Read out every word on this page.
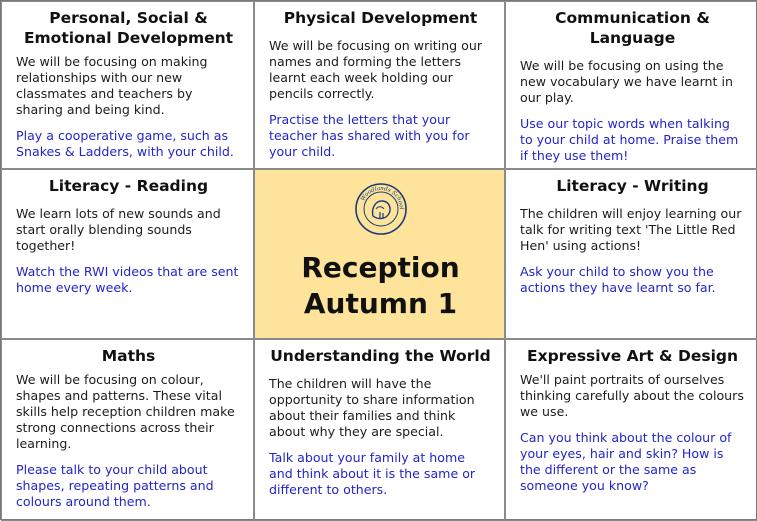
Personal, Social & Emotional Development
We will be focusing on making relationships with our new classmates and teachers by sharing and being kind.
Play a cooperative game, such as Snakes & Ladders, with your child.
Physical Development
We will be focusing on writing our names and forming the letters learnt each week holding our pencils correctly.
Practise the letters that your teacher has shared with you for your child.
Communication & Language
We will be focusing on using the new vocabulary we have learnt in our play.
Use our topic words when talking to your child at home. Praise them if they use them!
Literacy - Reading
We learn lots of new sounds and start orally blending sounds together!
Watch the RWI videos that are sent home every week.
Woodlands School
Reception
Autumn 1
Literacy - Writing
The children will enjoy learning our talk for writing text 'The Little Red Hen' using actions!
Ask your child to show you the actions they have learnt so far.
Maths
We will be focusing on colour, shapes and patterns. These vital skills help reception children make strong connections across their learning.
Please talk to your child about shapes, repeating patterns and colours around them.
Understanding the World
The children will have the opportunity to share information about their families and think about why they are special.
Talk about your family at home and think about it is the same or different to others.
Expressive Art & Design
We'll paint portraits of ourselves thinking carefully about the colours we use.
Can you think about the colour of your eyes, hair and skin? How is the different or the same as someone you know?
